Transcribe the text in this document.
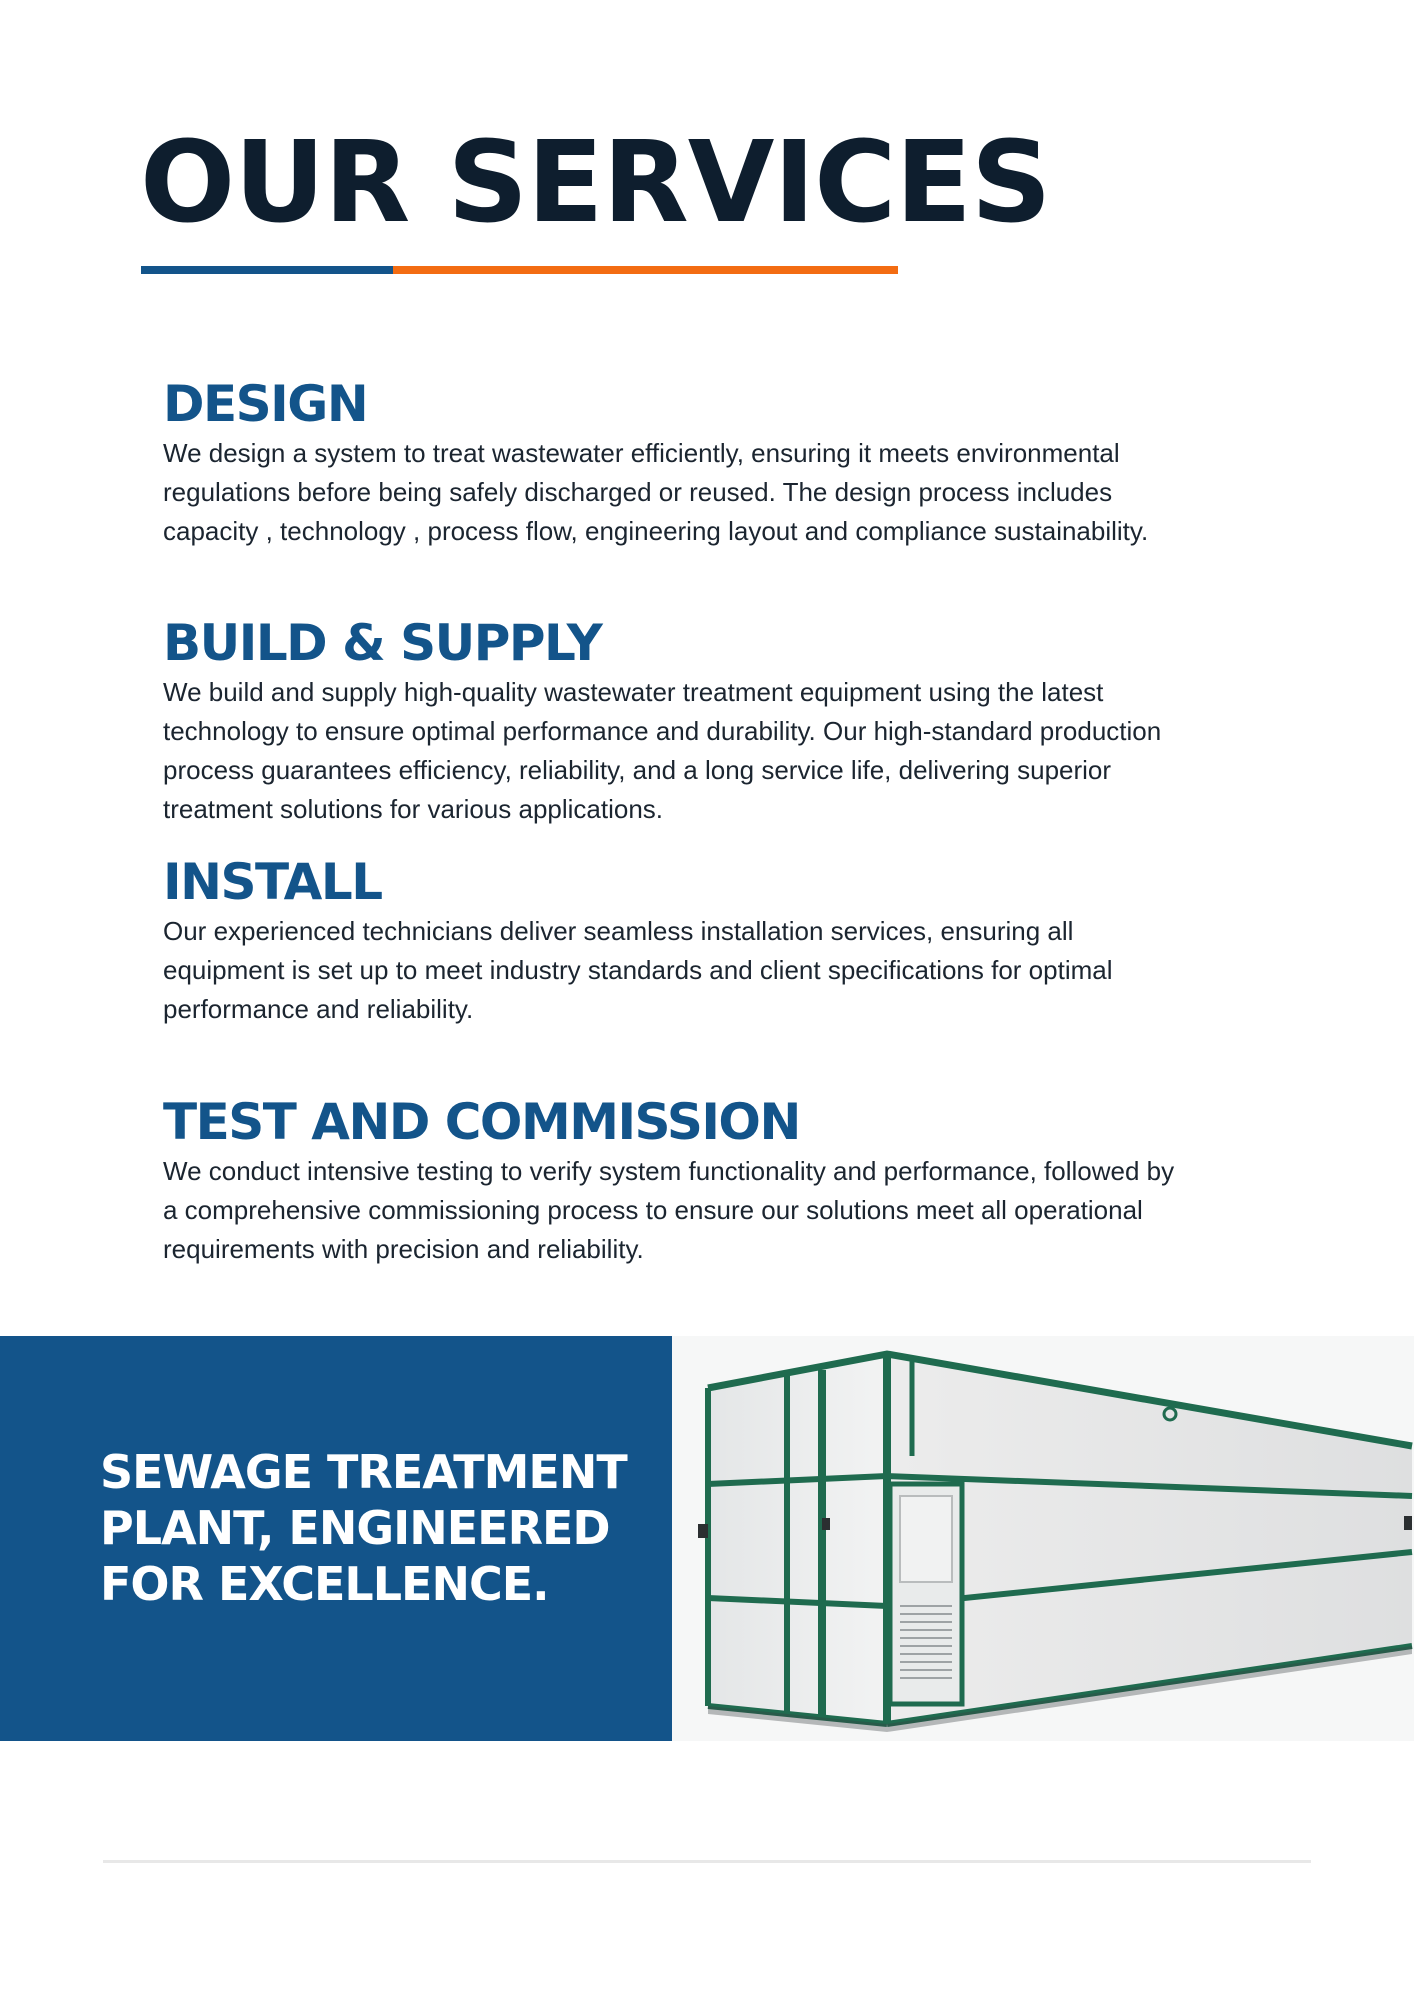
OUR SERVICES
DESIGN

We design a system to treat wastewater efficiently, ensuring it meets environmental regulations before being safely discharged or reused. The design process includes capacity , technology , process flow, engineering layout and compliance sustainability.

BUILD & SUPPLY

We build and supply high-quality wastewater treatment equipment using the latest technology to ensure optimal performance and durability. Our high-standard production process guarantees efficiency, reliability, and a long service life, delivering superior treatment solutions for various applications.

INSTALL

Our experienced technicians deliver seamless installation services, ensuring all equipment is set up to meet industry standards and client specifications for optimal performance and reliability.

TEST AND COMMISSION

We conduct intensive testing to verify system functionality and performance, followed by a comprehensive commissioning process to ensure our solutions meet all operational requirements with precision and reliability.

SEWAGE TREATMENT
PLANT, ENGINEERED
FOR EXCELLENCE.
